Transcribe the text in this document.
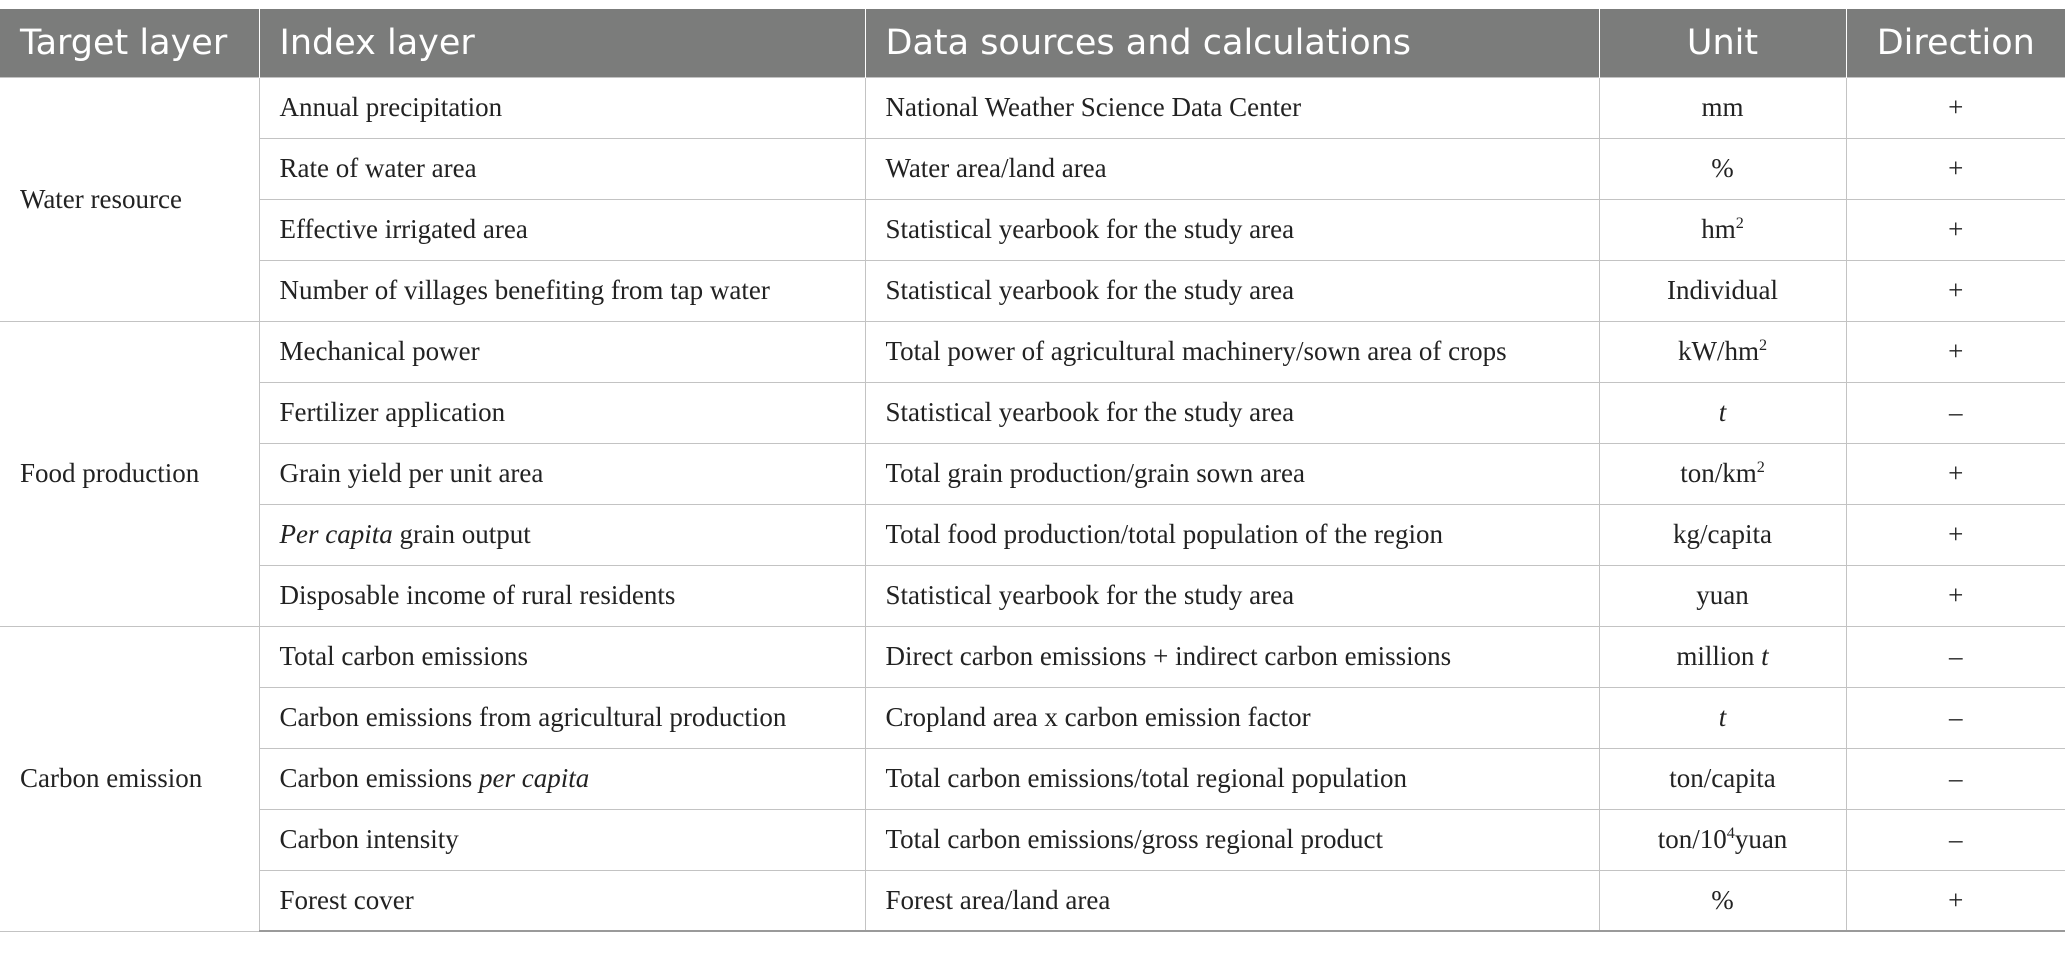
Target layer	Index layer	Data sources and calculations	Unit	Direction
Water resource	Annual precipitation	National Weather Science Data Center	mm	+
	Rate of water area	Water area/land area	%	+
	Effective irrigated area	Statistical yearbook for the study area	$hm^2$	+
	Number of villages benefiting from tap water	Statistical yearbook for the study area	Individual	+
Food production	Mechanical power	Total power of agricultural machinery/sown area of crops	$kW/hm^2$	+
	Fertilizer application	Statistical yearbook for the study area	t	–
	Grain yield per unit area	Total grain production/grain sown area	ton/$km^2$	+
	Per capita grain output	Total food production/total population of the region	kg/capita	+
	Disposable income of rural residents	Statistical yearbook for the study area	yuan	+
Carbon emission	Total carbon emissions	Direct carbon emissions + indirect carbon emissions	million t	–
	Carbon emissions from agricultural production	Cropland area x carbon emission factor	t	–
	Carbon emissions per capita	Total carbon emissions/total regional population	ton/capita	–
	Carbon intensity	Total carbon emissions/gross regional product	ton/$10^4yuan$	–
	Forest cover	Forest area/land area	%	+
